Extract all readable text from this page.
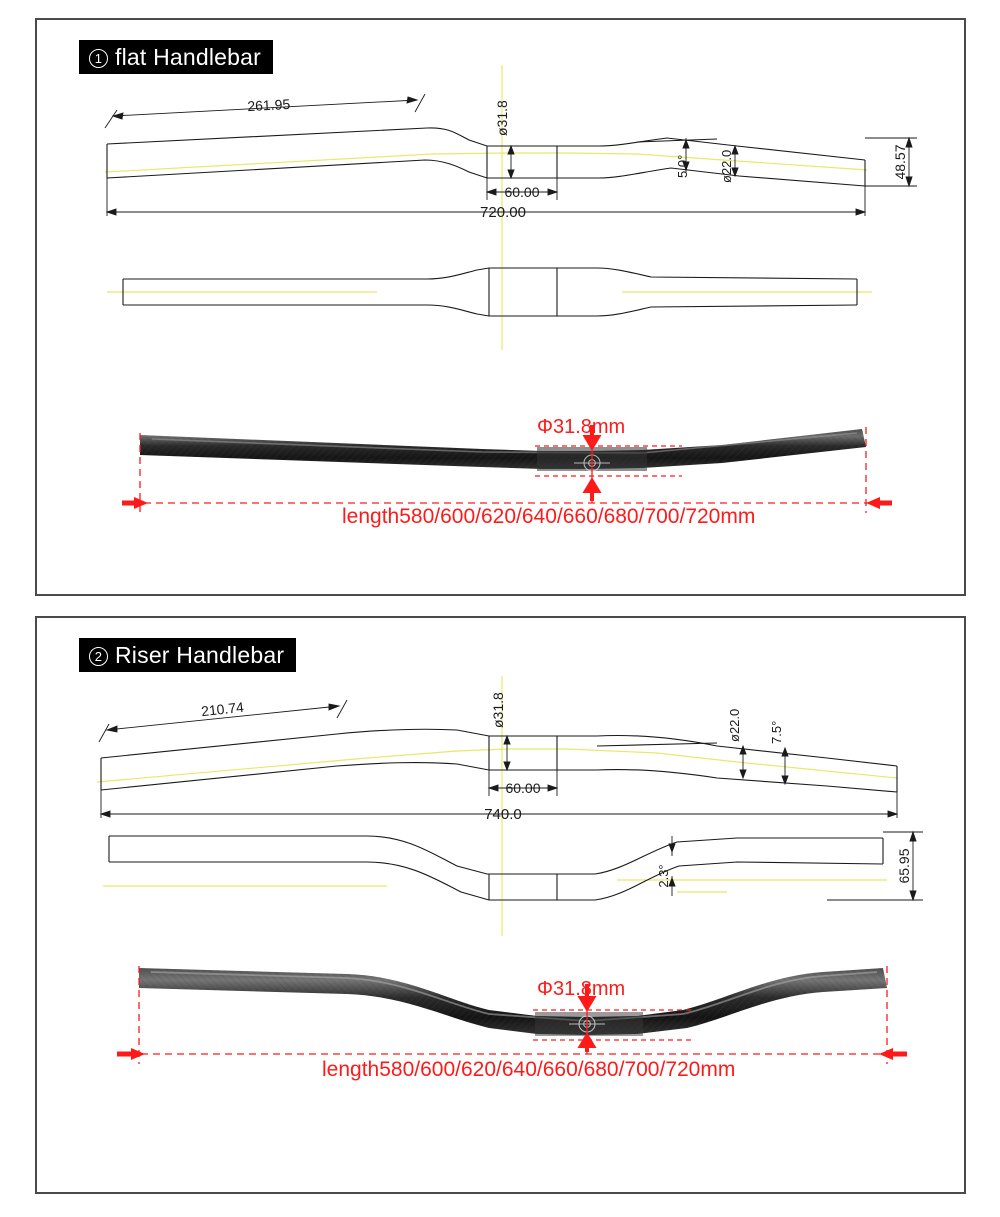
1 flat Handlebar
261.95	ø31.8
60.00
720.00
5.0° ø22.0	48.57
Φ31.8mm
length580/600/620/640/660/680/700/720mm
2 Riser Handlebar
210.74	ø31.8
60.00
740.0
ø22.0 7.5°
2.3°	65.95
Φ31.8mm
length580/600/620/640/660/680/700/720mm
